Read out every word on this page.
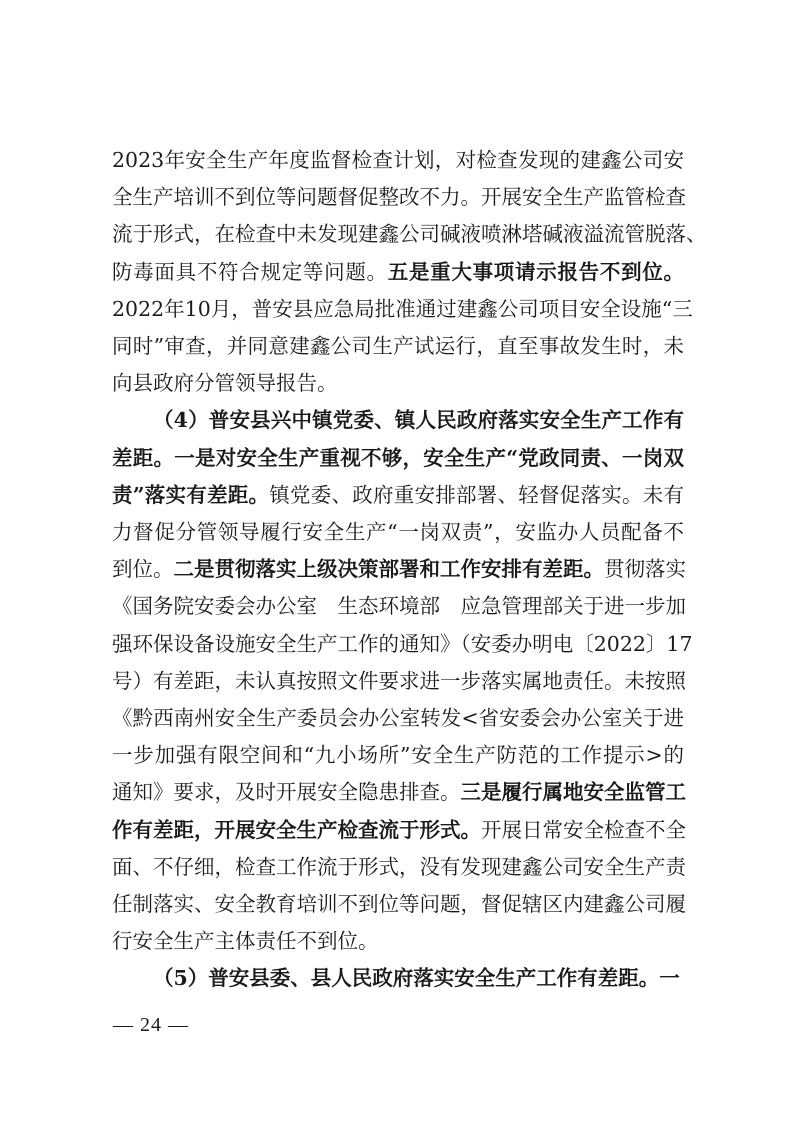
2023年安全生产年度监督检查计划，对检查发现的建鑫公司安
全生产培训不到位等问题督促整改不力。开展安全生产监管检查
流于形式，在检查中未发现建鑫公司碱液喷淋塔碱液溢流管脱落、
防毒面具不符合规定等问题。五是重大事项请示报告不到位。
2022年10月，普安县应急局批准通过建鑫公司项目安全设施“三
同时”审查，并同意建鑫公司生产试运行，直至事故发生时，未
向县政府分管领导报告。
（4）普安县兴中镇党委、镇人民政府落实安全生产工作有
差距。一是对安全生产重视不够，安全生产“党政同责、一岗双
责”落实有差距。镇党委、政府重安排部署、轻督促落实。未有
力督促分管领导履行安全生产“一岗双责”，安监办人员配备不
到位。二是贯彻落实上级决策部署和工作安排有差距。贯彻落实
《国务院安委会办公室　生态环境部　应急管理部关于进一步加
强环保设备设施安全生产工作的通知》（安委办明电〔2022〕17
号）有差距，未认真按照文件要求进一步落实属地责任。未按照
《黔西南州安全生产委员会办公室转发<省安委会办公室关于进
一步加强有限空间和“九小场所”安全生产防范的工作提示>的
通知》要求，及时开展安全隐患排查。三是履行属地安全监管工
作有差距，开展安全生产检查流于形式。开展日常安全检查不全
面、不仔细，检查工作流于形式，没有发现建鑫公司安全生产责
任制落实、安全教育培训不到位等问题，督促辖区内建鑫公司履
行安全生产主体责任不到位。
（5）普安县委、县人民政府落实安全生产工作有差距。一
— 24 —
